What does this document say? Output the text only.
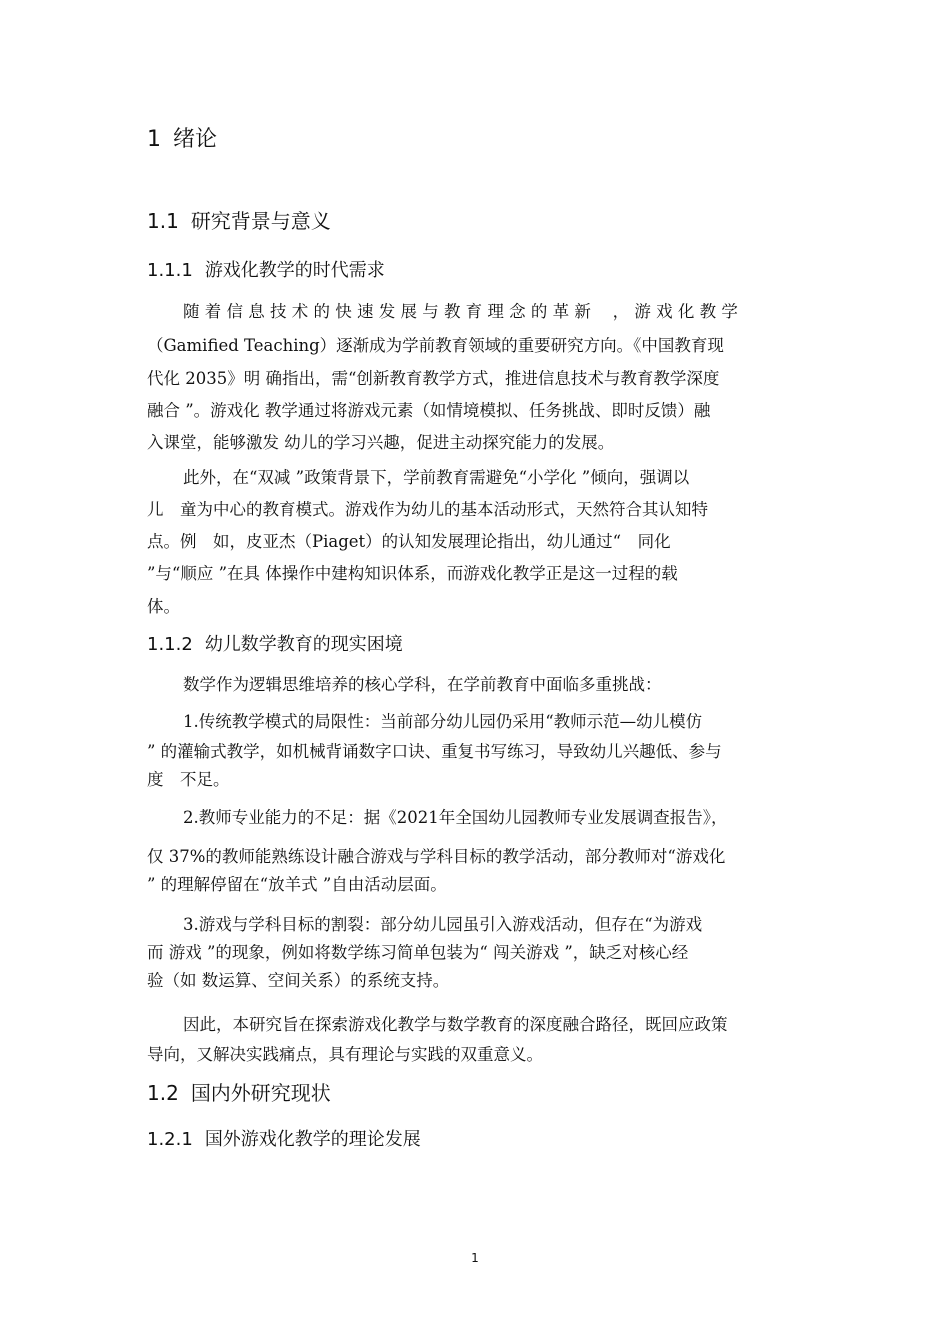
1 绪论
1.1 研究背景与意义
1.1.1 游戏化教学的时代需求
随 着 信 息 技 术 的 快 速 发 展 与 教 育 理 念 的 革 新 　， 游 戏 化 教 学
（Gamified Teaching）逐渐成为学前教育领域的重要研究方向。《中国教育现
代化 2035》明 确指出，需“创新教育教学方式，推进信息技术与教育教学深度
融合 ”。游戏化 教学通过将游戏元素（如情境模拟、任务挑战、即时反馈）融
入课堂，能够激发 幼儿的学习兴趣，促进主动探究能力的发展。
此外，在“双减 ”政策背景下，学前教育需避免“小学化 ”倾向，强调以
儿　童为中心的教育模式。游戏作为幼儿的基本活动形式，天然符合其认知特
点。例　如，皮亚杰（Piaget）的认知发展理论指出，幼儿通过“　同化
”与“顺应 ”在具 体操作中建构知识体系，而游戏化教学正是这一过程的载
体。
1.1.2 幼儿数学教育的现实困境
数学作为逻辑思维培养的核心学科，在学前教育中面临多重挑战：
1.传统教学模式的局限性：当前部分幼儿园仍采用“教师示范—幼儿模仿
” 的灌输式教学，如机械背诵数字口诀、重复书写练习，导致幼儿兴趣低、参与
度　不足。
2.教师专业能力的不足：据《2021年全国幼儿园教师专业发展调查报告》，
仅 37%的教师能熟练设计融合游戏与学科目标的教学活动，部分教师对“游戏化
” 的理解停留在“放羊式 ”自由活动层面。
3.游戏与学科目标的割裂：部分幼儿园虽引入游戏活动，但存在“为游戏
而 游戏 ”的现象，例如将数学练习简单包装为“ 闯关游戏 ”，缺乏对核心经
验（如 数运算、空间关系）的系统支持。
因此，本研究旨在探索游戏化教学与数学教育的深度融合路径，既回应政策
导向，又解决实践痛点，具有理论与实践的双重意义。
1.2 国内外研究现状
1.2.1 国外游戏化教学的理论发展
1
